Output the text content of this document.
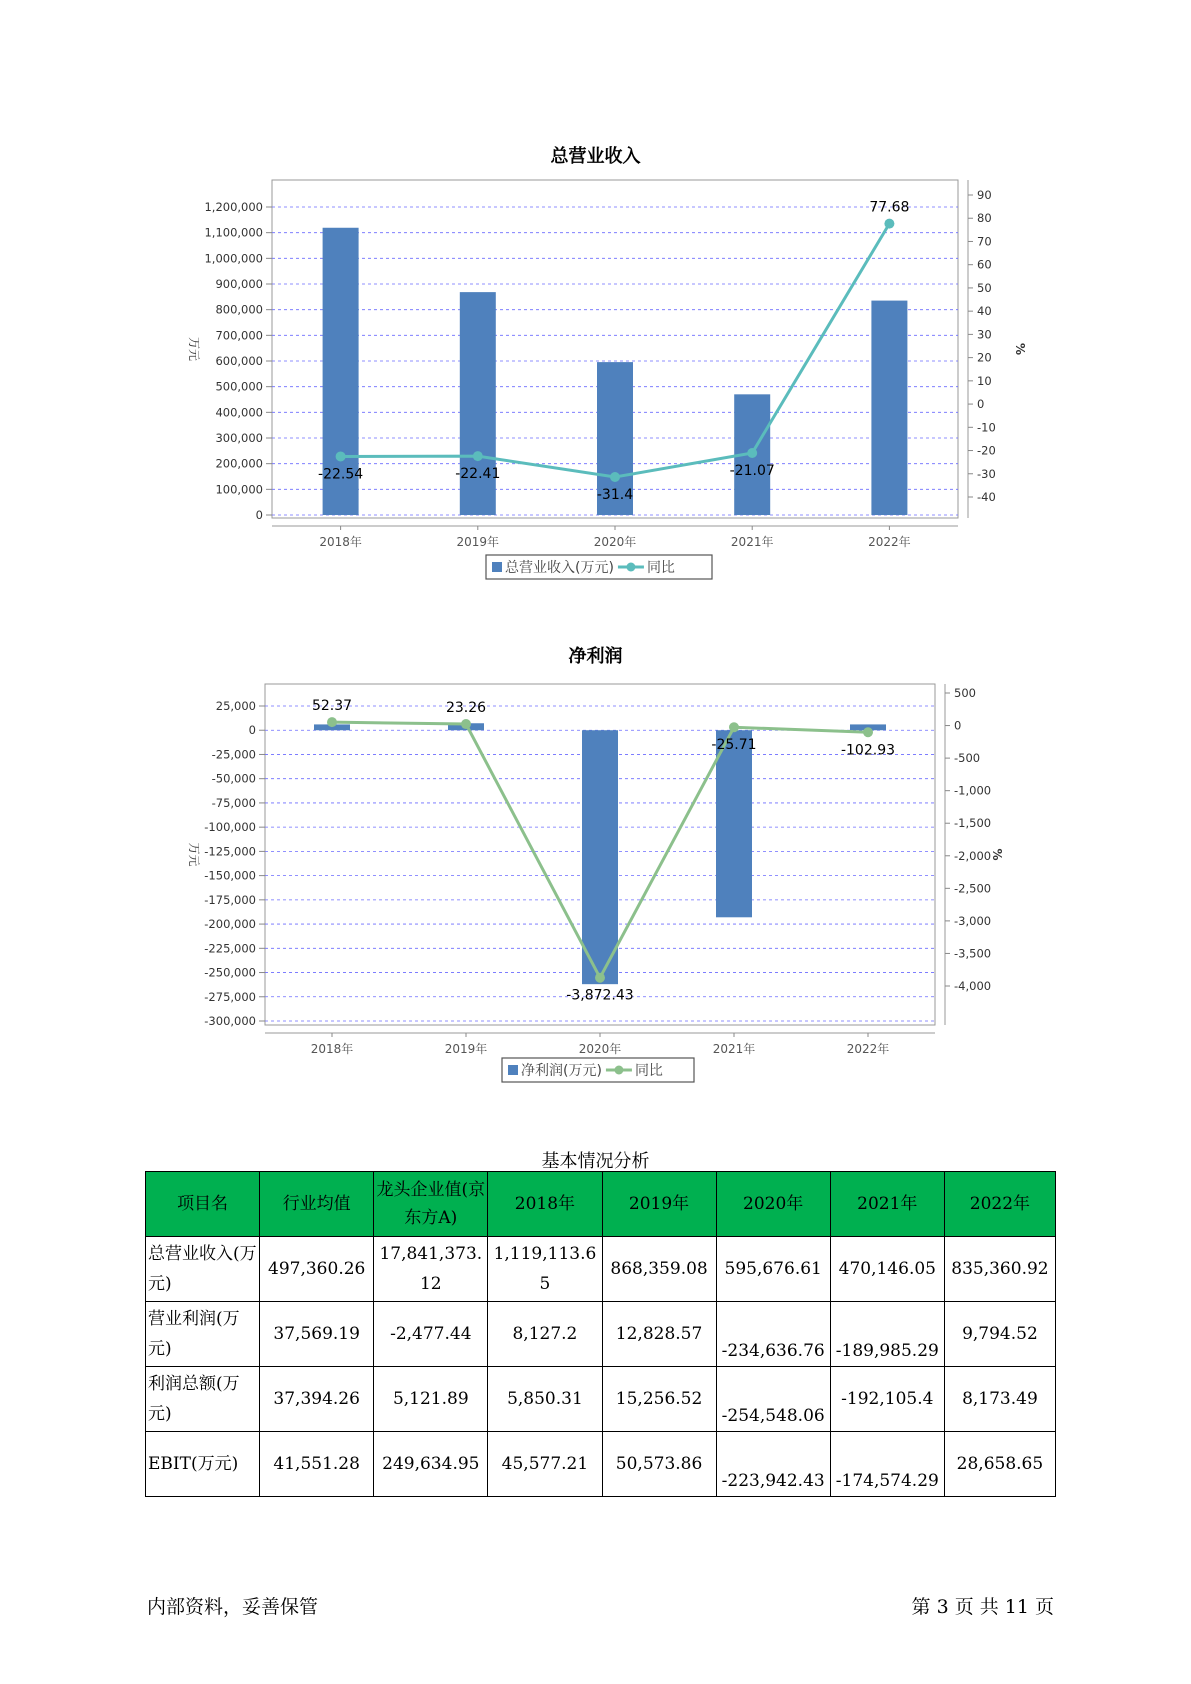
总营业收入
1,200,000
1,100,000
1,000,000
900,000
800,000
700,000
600,000
500,000
400,000
300,000
200,000
100,000
0
万元
90
80
70
60
50
40
30
20
10
0
-10
-20
-30
-40
%
2018年	2019年	2020年	2021年	2022年
-22.54	-22.41
-31.4
-21.07
77.68
总营业收入(万元) 同比
净利润
25,000
0
-25,000
-50,000
-75,000
-100,000
-125,000
-150,000
-175,000
-200,000
-225,000
-250,000
-275,000
-300,000
万元
500
0
-500
-1,000
-1,500
-2,000
-2,500
-3,000
-3,500
-4,000
%
2018年	2019年	2020年	2021年	2022年
52.37	23.26
-3,872.43
-25.71	-102.93
净利润(万元) 同比
基本情况分析
项目名	行业均值	龙头企业值(京东方A)	2018年	2019年	2020年	2021年	2022年
总营业收入(万元)	497,360.26	17,841,373.12	1,119,113.65	868,359.08	595,676.61	470,146.05	835,360.92
营业利润(万元)	37,569.19	-2,477.44	8,127.2	12,828.57	-234,636.76	-189,985.29	9,794.52
利润总额(万元)	37,394.26	5,121.89	5,850.31	15,256.52	-254,548.06	-192,105.4	8,173.49
EBIT(万元)	41,551.28	249,634.95	45,577.21	50,573.86	-223,942.43	-174,574.29	28,658.65
内部资料，妥善保管	第 3 页 共 11 页
